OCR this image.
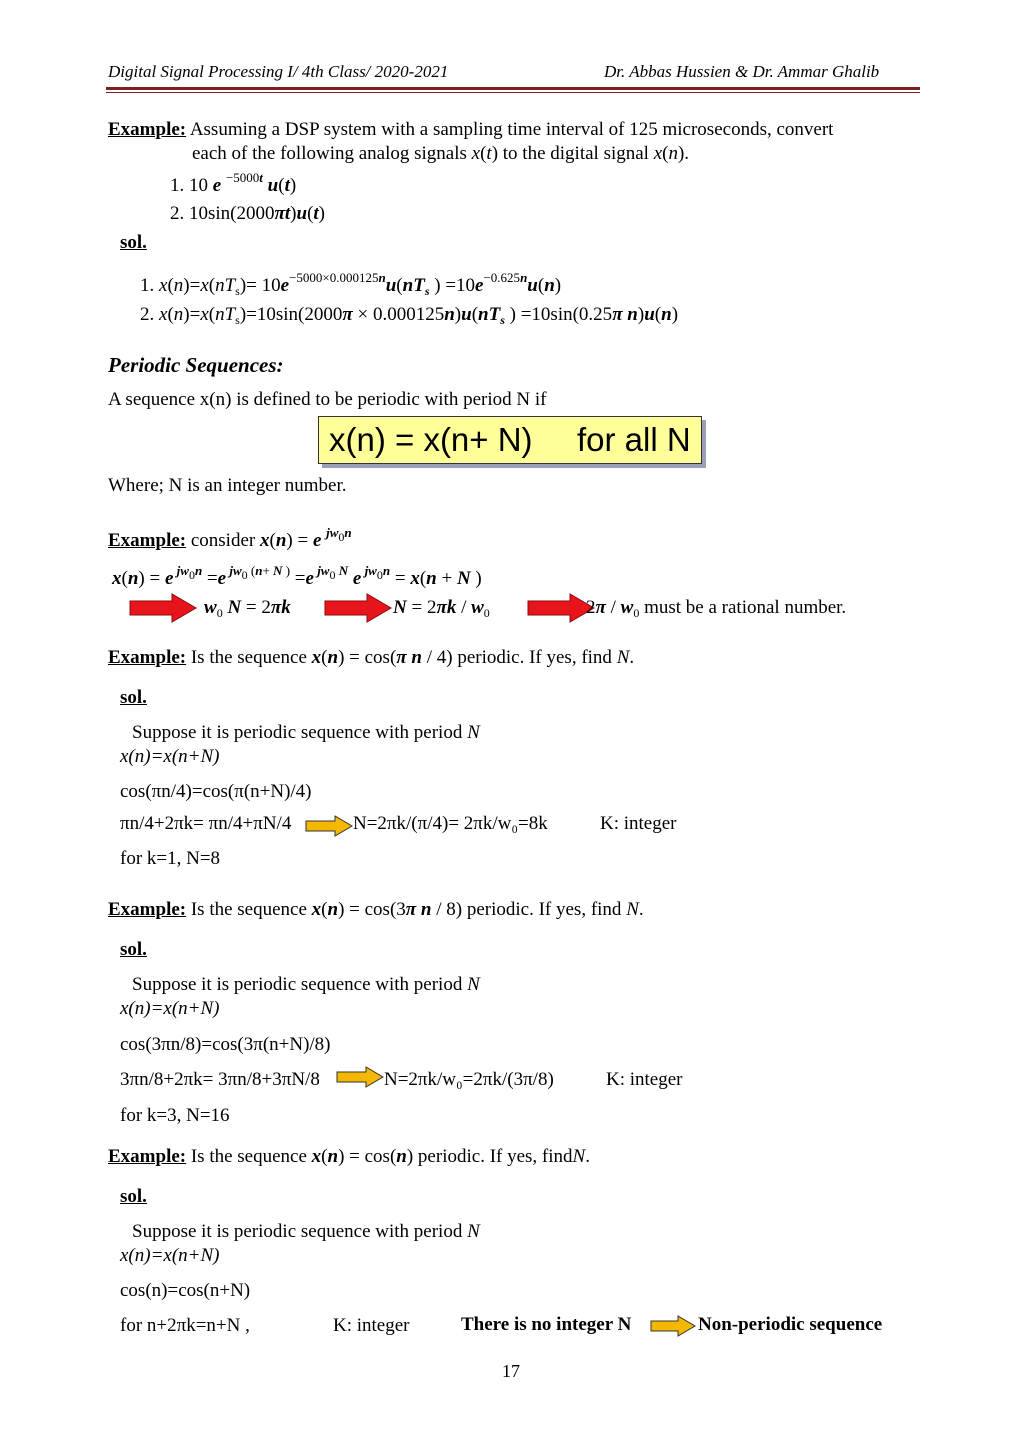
Digital Signal Processing I/ 4th Class/ 2020-2021	Dr. Abbas Hussien & Dr. Ammar Ghalib
Example: Assuming a DSP system with a sampling time interval of 125 microseconds, convert
each of the following analog signals x(t) to the digital signal x(n).
1. 10 e $^{-5000t}$ u(t)
2. 10sin(2000πt)u(t)
sol.
1. $x(n)=x(nT_s)= 10e^{-5000\times 0.000125n}u(nT_s$ ) $=10e^{-0.625n}u(n)$
2. $x(n)=x(nT_s)=10\sin(2000\pi \times 0.000125n)u(nT_s$ ) =10sin(0.25π n)u(n)
Periodic Sequences:
A sequence x(n) is defined to be periodic with period N if
x(n) = x(n+ N) for all N
Where; N is an integer number.
Example: consider x(n) = e $^{jw_0n}$
x(n) = e $^{jw_0n}$ =e $^{jw_0 (n+ N )}$ =e $^{jw_0 N}$ e $^{jw_0n}$ = x(n + N )
$w_0$ N = 2πk	$N = 2\pi k / w_0$	$2\pi / w_0$ must be a rational number.
Example: Is the sequence x(n) = cos(π n / 4) periodic. If yes, find N.
sol.
Suppose it is periodic sequence with period N
x(n)=x(n+N)
cos(πn/4)=cos(π(n+N)/4)
πn/4+2πk= πn/4+πN/4	N=2πk/(π/4)= 2πk/w₀=8k	K: integer
for k=1, N=8
Example: Is the sequence x(n) = cos(3π n / 8) periodic. If yes, find N.
sol.
Suppose it is periodic sequence with period N
x(n)=x(n+N)
cos(3πn/8)=cos(3π(n+N)/8)
3πn/8+2πk= 3πn/8+3πN/8	N=2πk/w₀=2πk/(3π/8)	K: integer
for k=3, N=16
Example: Is the sequence x(n) = cos(n) periodic. If yes, findN.
sol.
Suppose it is periodic sequence with period N
x(n)=x(n+N)
cos(n)=cos(n+N)
for n+2πk=n+N ,	K: integer	There is no integer N	Non-periodic sequence
17
